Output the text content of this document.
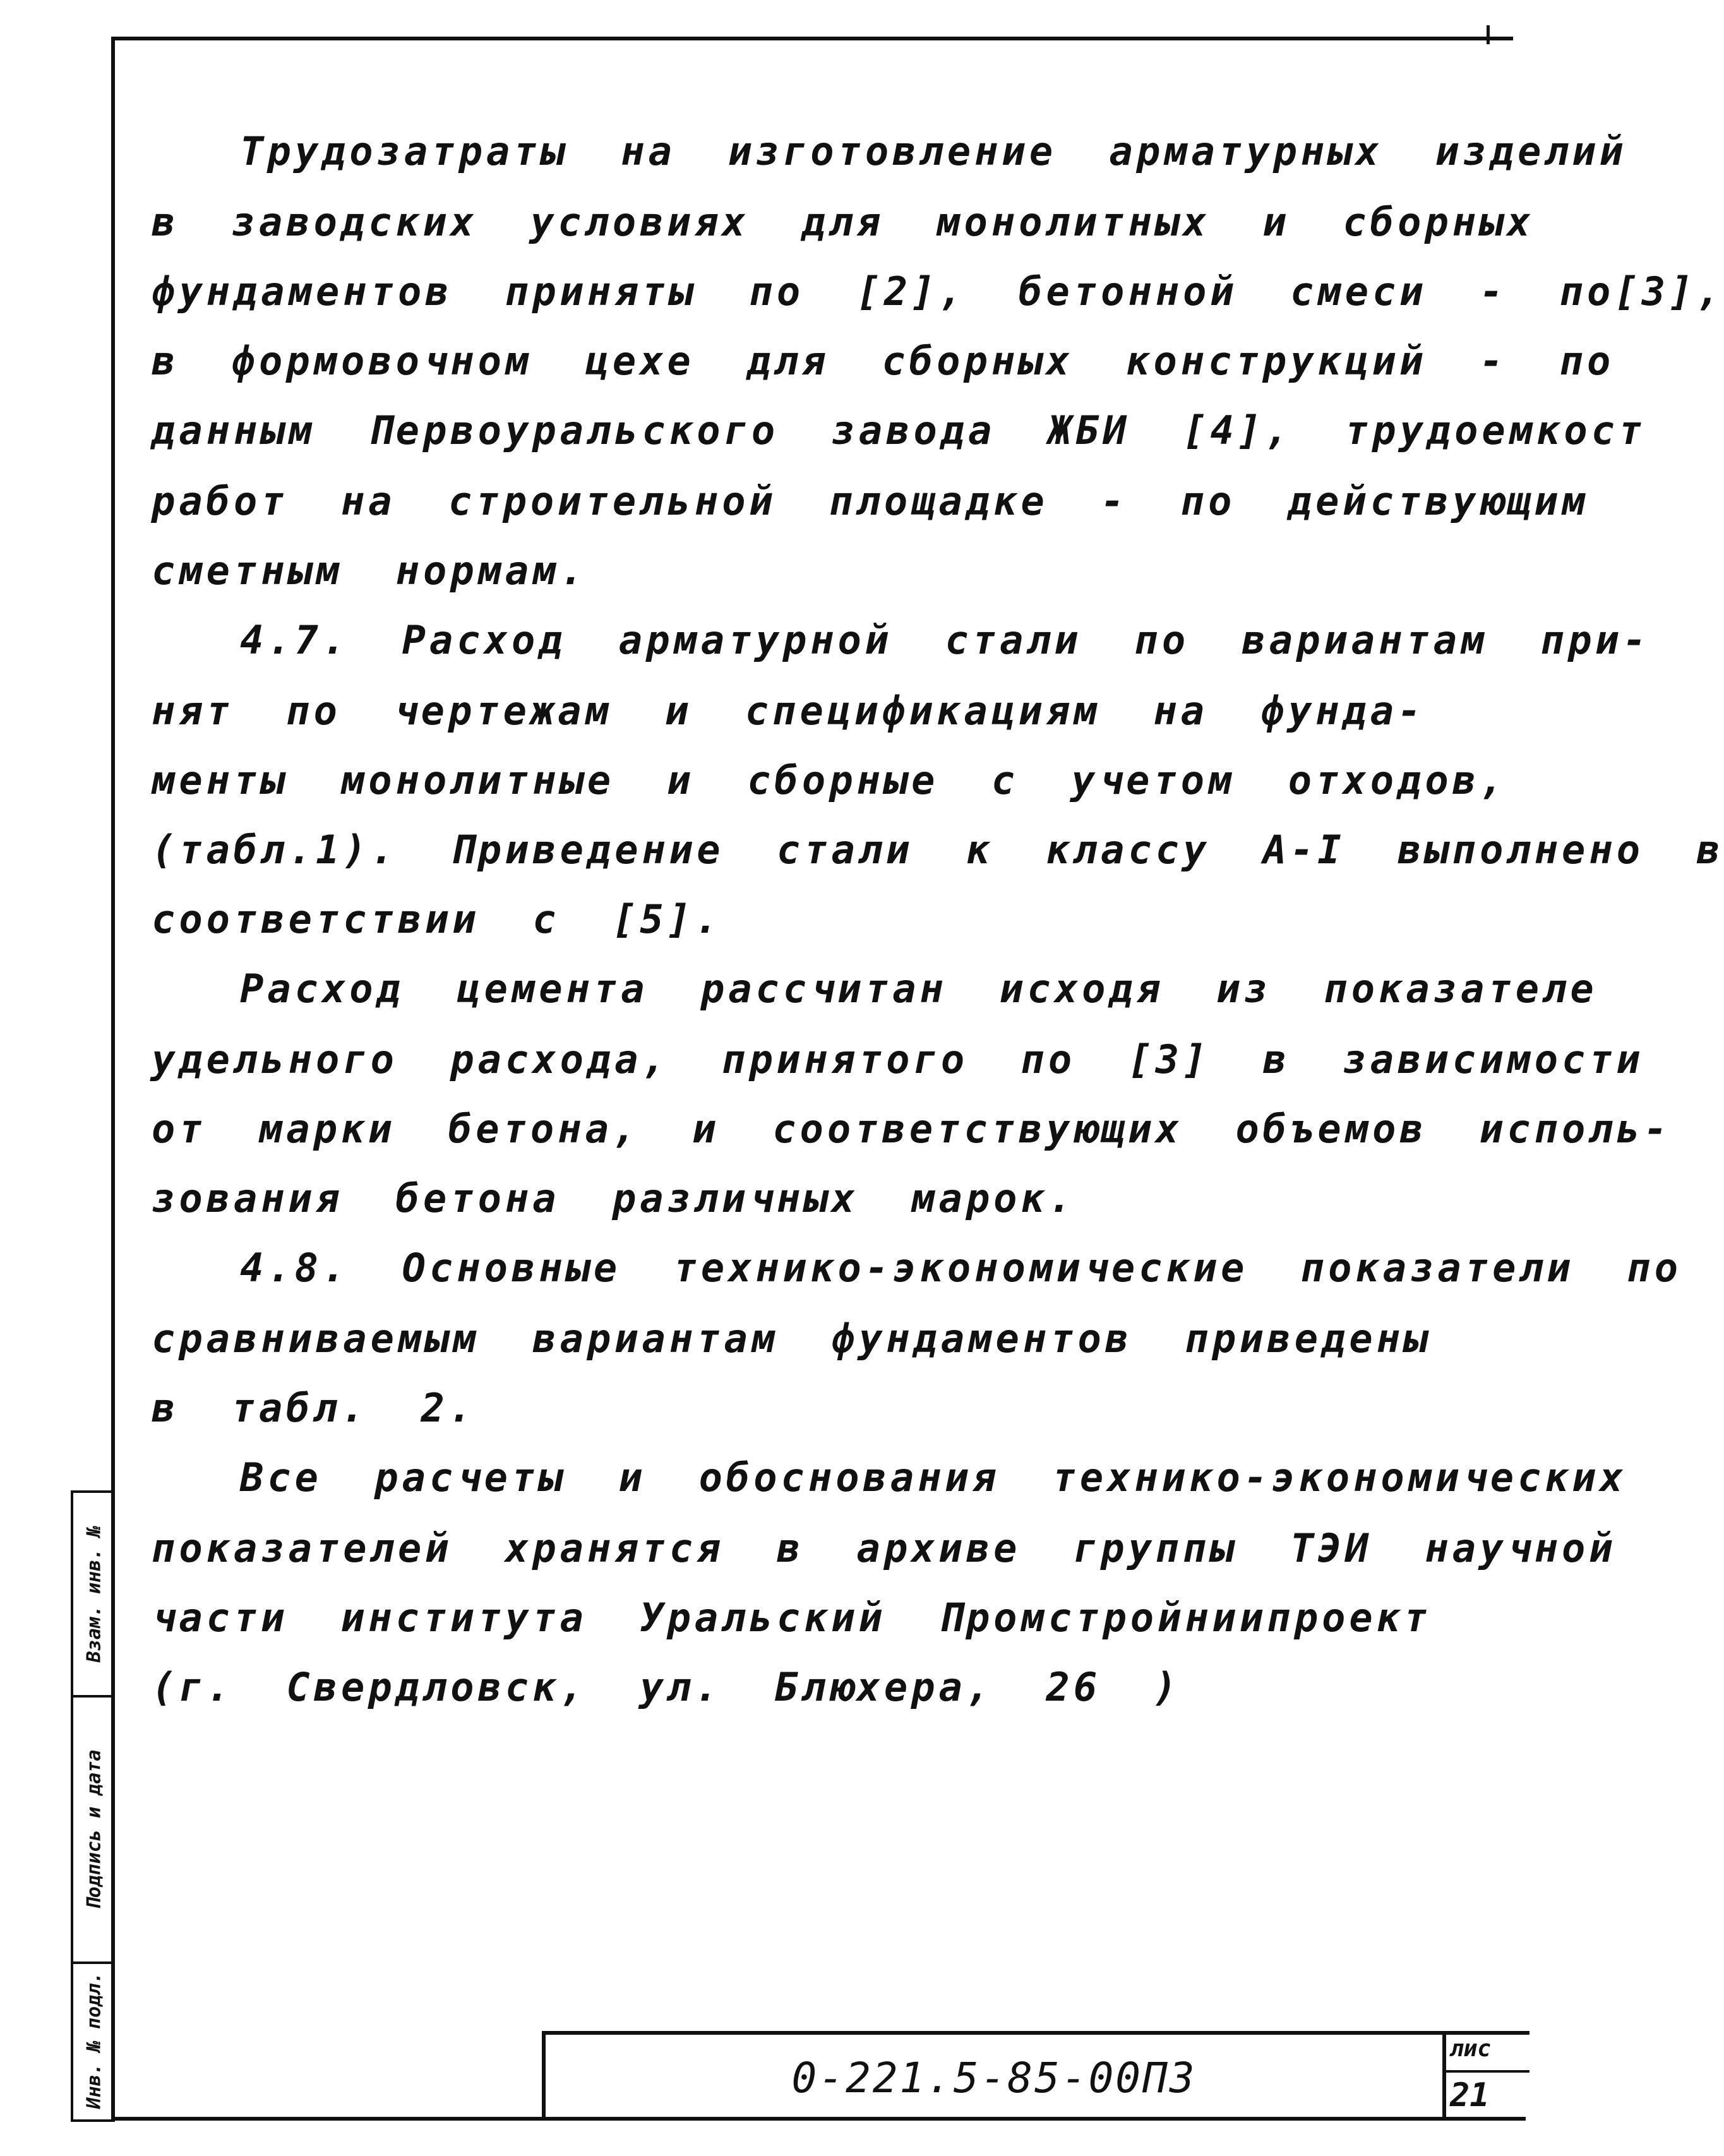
Трудозатраты на изготовление арматурных изделий
в заводских условиях для монолитных и сборных
фундаментов приняты по [2], бетонной смеси - по[3],
в формовочном цехе для сборных конструкций - по
данным Первоуральского завода ЖБИ [4], трудоемкост
работ на строительной площадке - по действующим
сметным нормам.
4.7. Расход арматурной стали по вариантам при-
нят по чертежам и спецификациям на фунда-
менты монолитные и сборные с учетом отходов,
(табл.1). Приведение стали к классу А-I выполнено в
соответствии с [5].
Расход цемента рассчитан исходя из показателе
удельного расхода, принятого по [3] в зависимости
от марки бетона, и соответствующих объемов исполь-
зования бетона различных марок.
4.8. Основные технико-экономические показатели по
сравниваемым вариантам фундаментов приведены
в табл. 2.
Все расчеты и обоснования технико-экономических
показателей хранятся в архиве группы ТЭИ научной
части института Уральский Промстройниипроект
(г. Свердловск, ул. Блюхера, 26 )
Взам. инв. №
Подпись и дата
Инв. № подл.	0-221.5-85-00ПЗ
лис
21
